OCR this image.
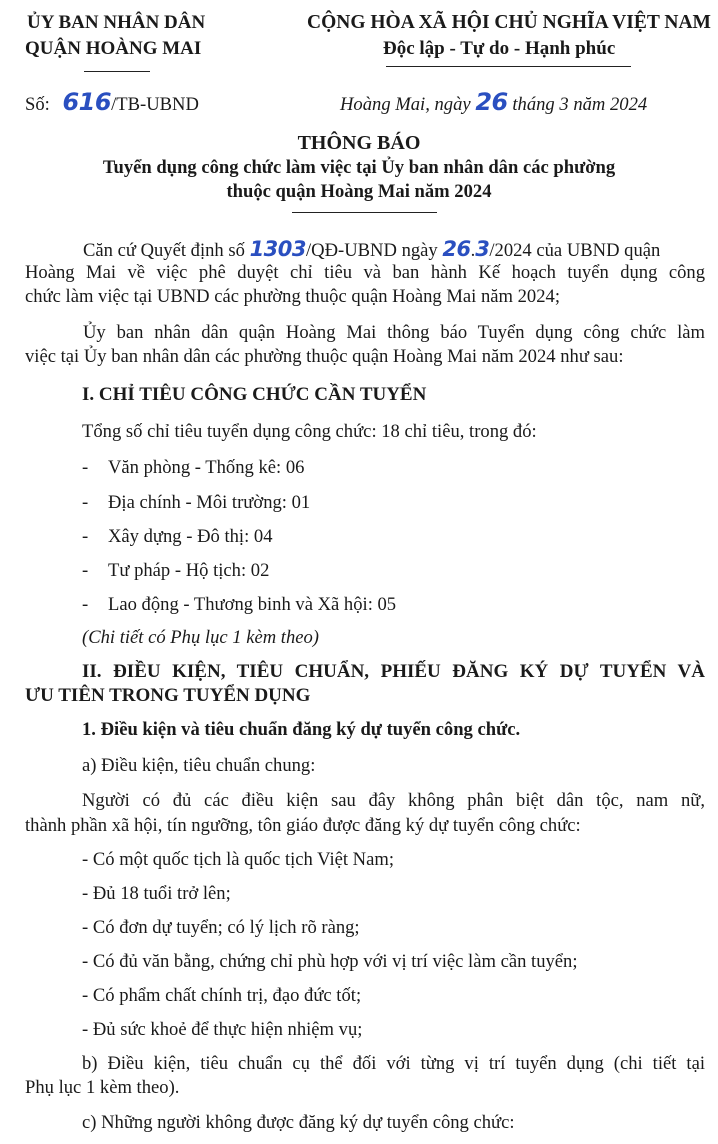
ỦY BAN NHÂN DÂN
QUẬN HOÀNG MAI
CỘNG HÒA XÃ HỘI CHỦ NGHĨA VIỆT NAM
Độc lập - Tự do - Hạnh phúc
Số: 616/TB-UBND	Hoàng Mai, ngày 26 tháng 3 năm 2024
THÔNG BÁO
Tuyển dụng công chức làm việc tại Ủy ban nhân dân các phường
thuộc quận Hoàng Mai năm 2024
Căn cứ Quyết định số 1303/QĐ-UBND ngày 26.3/2024 của UBND quận
Hoàng Mai về việc phê duyệt chỉ tiêu và ban hành Kế hoạch tuyển dụng công
chức làm việc tại UBND các phường thuộc quận Hoàng Mai năm 2024;
Ủy ban nhân dân quận Hoàng Mai thông báo Tuyển dụng công chức làm
việc tại Ủy ban nhân dân các phường thuộc quận Hoàng Mai năm 2024 như sau:
I. CHỈ TIÊU CÔNG CHỨC CẦN TUYỂN
Tổng số chỉ tiêu tuyển dụng công chức: 18 chỉ tiêu, trong đó:
- Văn phòng - Thống kê: 06
- Địa chính - Môi trường: 01
- Xây dựng - Đô thị: 04
- Tư pháp - Hộ tịch: 02
- Lao động - Thương binh và Xã hội: 05
(Chi tiết có Phụ lục 1 kèm theo)
II. ĐIỀU KIỆN, TIÊU CHUẨN, PHIẾU ĐĂNG KÝ DỰ TUYỂN VÀ
ƯU TIÊN TRONG TUYỂN DỤNG
1. Điều kiện và tiêu chuẩn đăng ký dự tuyển công chức.
a) Điều kiện, tiêu chuẩn chung:
Người có đủ các điều kiện sau đây không phân biệt dân tộc, nam nữ,
thành phần xã hội, tín ngưỡng, tôn giáo được đăng ký dự tuyển công chức:
- Có một quốc tịch là quốc tịch Việt Nam;
- Đủ 18 tuổi trở lên;
- Có đơn dự tuyển; có lý lịch rõ ràng;
- Có đủ văn bằng, chứng chỉ phù hợp với vị trí việc làm cần tuyển;
- Có phẩm chất chính trị, đạo đức tốt;
- Đủ sức khoẻ để thực hiện nhiệm vụ;
b) Điều kiện, tiêu chuẩn cụ thể đối với từng vị trí tuyển dụng (chi tiết tại
Phụ lục 1 kèm theo).
c) Những người không được đăng ký dự tuyển công chức:
